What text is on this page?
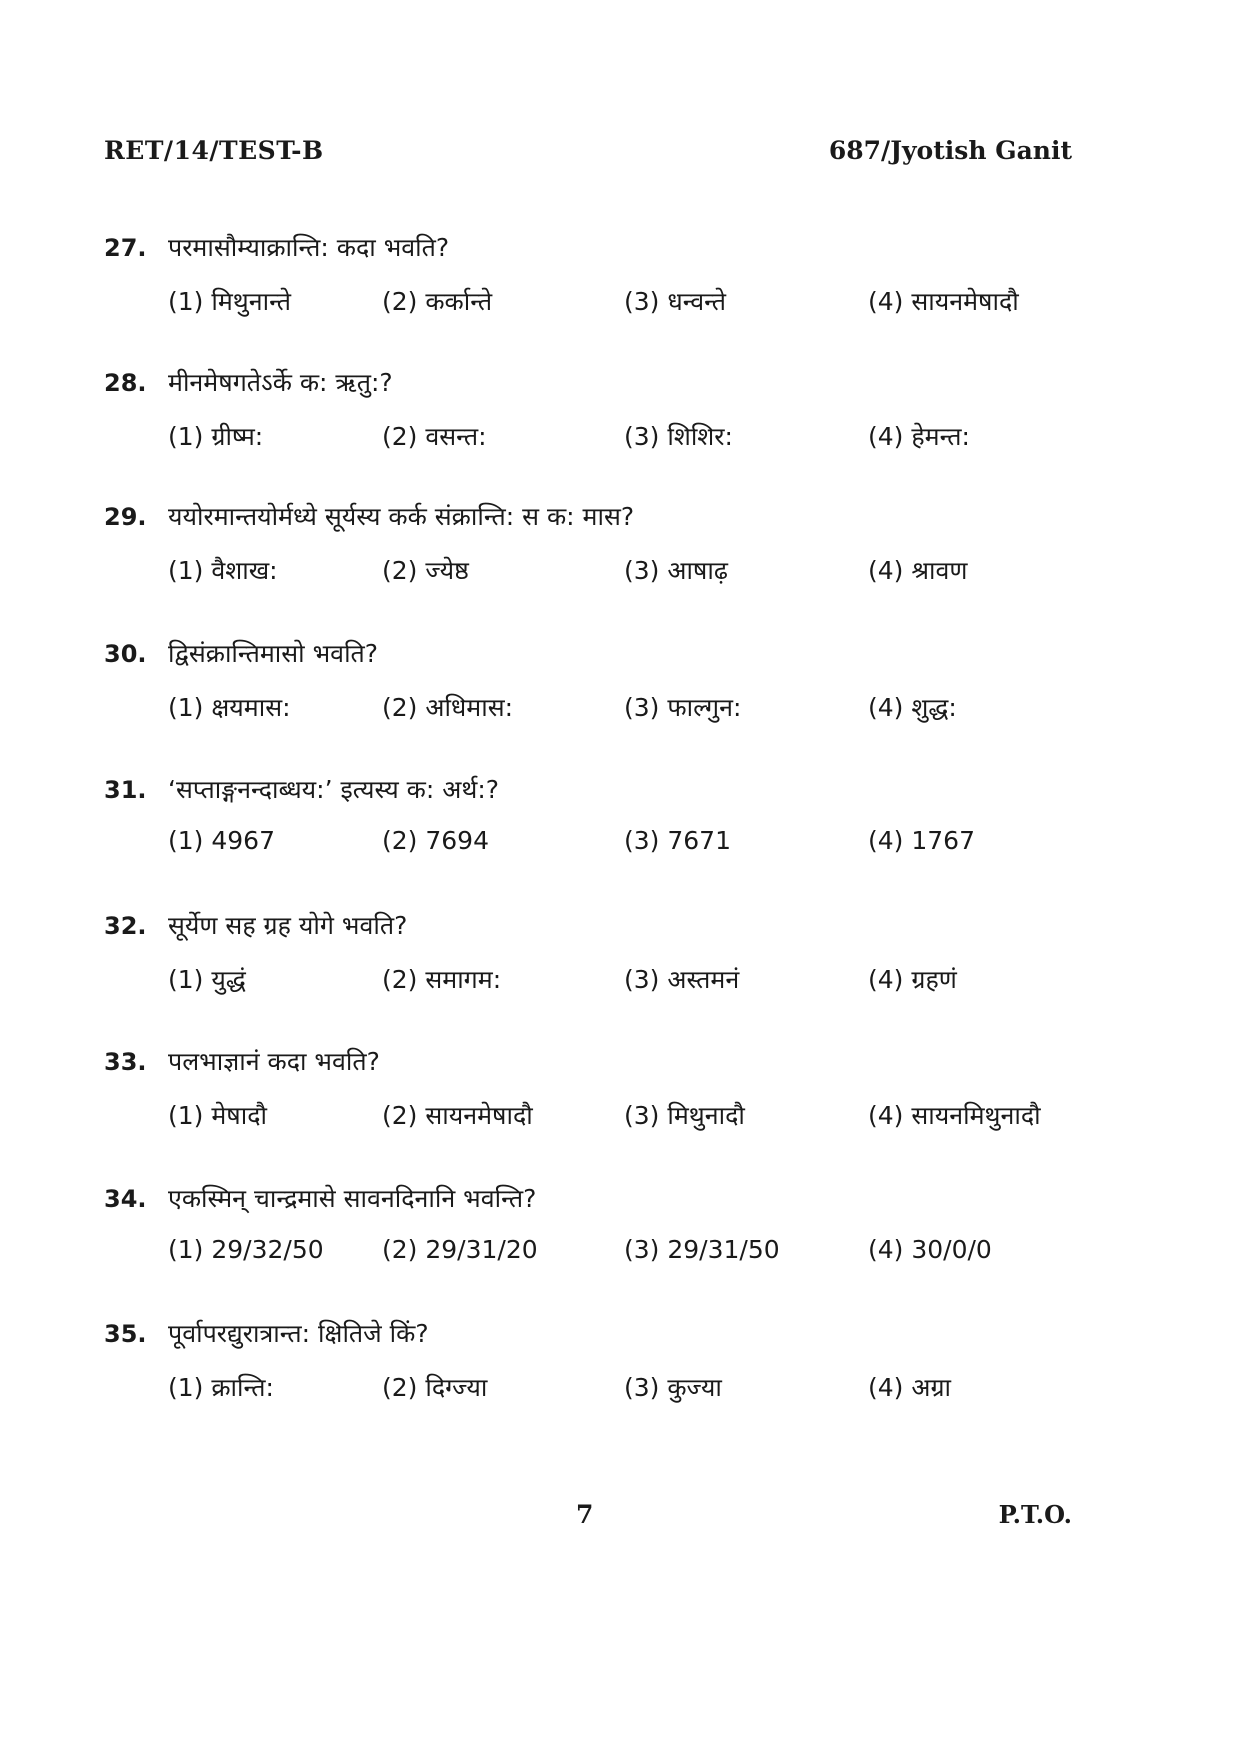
RET/14/TEST-B	687/Jyotish Ganit
27. परमासौम्याक्रान्ति: कदा भवति?
(1) मिथुनान्ते	(2) कर्कान्ते	(3) धन्वन्ते	(4) सायनमेषादौ
28. मीनमेषगतेऽर्के क: ऋतु:?
(1) ग्रीष्म:	(2) वसन्त:	(3) शिशिर:	(4) हेमन्त:
29. ययोरमान्तयोर्मध्ये सूर्यस्य कर्क संक्रान्ति: स क: मास?
(1) वैशाख:	(2) ज्येष्ठ	(3) आषाढ़	(4) श्रावण
30. द्विसंक्रान्तिमासो भवति?
(1) क्षयमास:	(2) अधिमास:	(3) फाल्गुन:	(4) शुद्ध:
31. ‘सप्ताङ्गनन्दाब्धय:’ इत्यस्य क: अर्थ:?
(1) 4967	(2) 7694	(3) 7671	(4) 1767
32. सूर्येण सह ग्रह योगे भवति?
(1) युद्धं	(2) समागम:	(3) अस्तमनं	(4) ग्रहणं
33. पलभाज्ञानं कदा भवति?
(1) मेषादौ	(2) सायनमेषादौ	(3) मिथुनादौ	(4) सायनमिथुनादौ
34. एकस्मिन् चान्द्रमासे सावनदिनानि भवन्ति?
(1) 29/32/50 (2) 29/31/20	(3) 29/31/50	(4) 30/0/0
35. पूर्वापरद्युरात्रान्त: क्षितिजे किं?
(1) क्रान्ति:	(2) दिग्ज्या	(3) कुज्या	(4) अग्रा
7	P.T.O.
